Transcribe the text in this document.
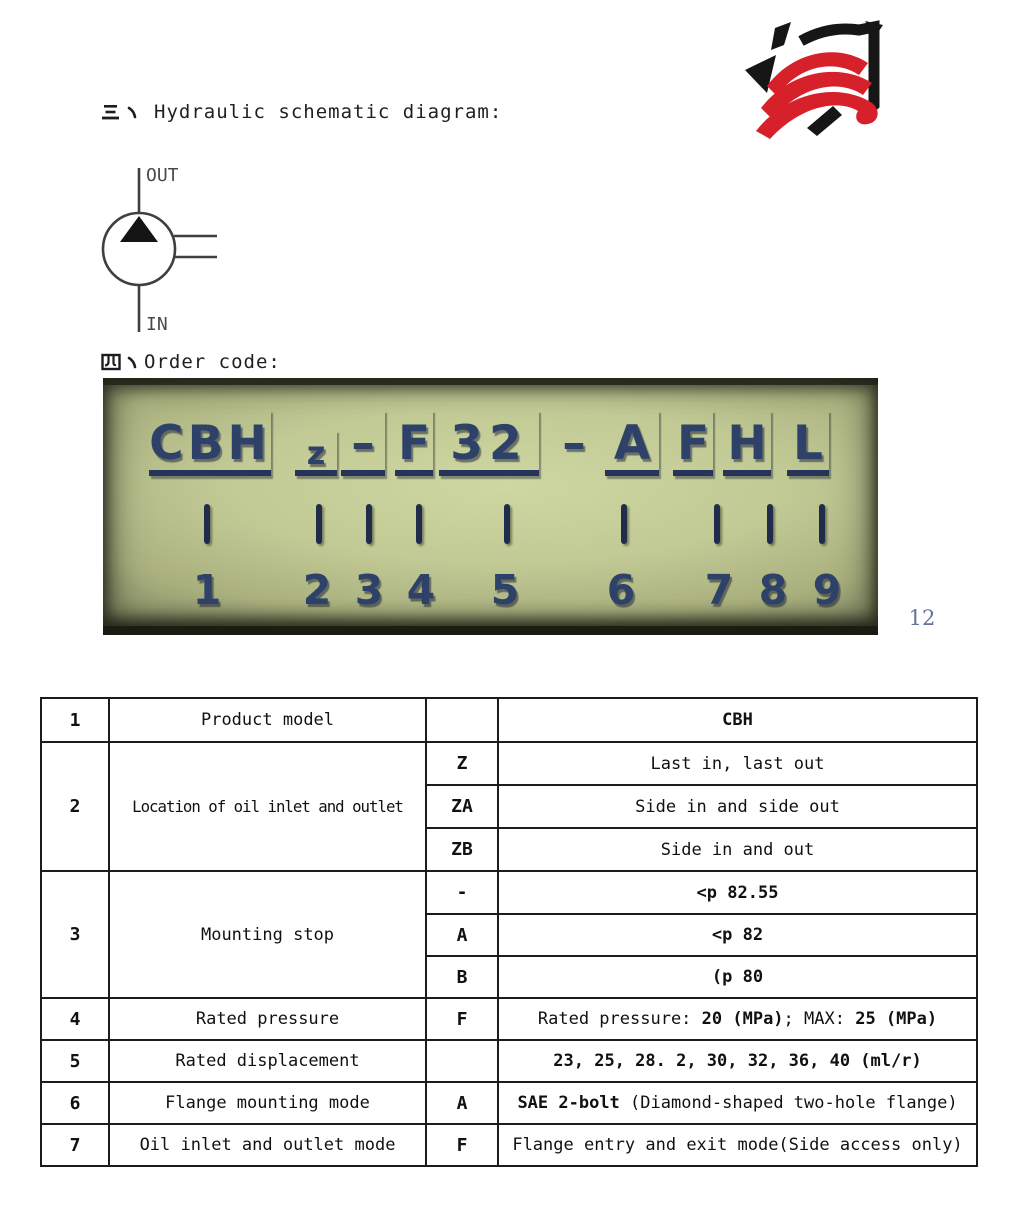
Hydraulic schematic diagram:
OUT
IN
Order code:
CBH	z – F 32 – A F H L
1 2 3 4 5 6 7 8 9
12
1	Product model		CBH
2	Location of oil inlet and outlet	Z	Last in, last out
		ZA	Side in and side out
		ZB	Side in and out
3	Mounting stop	-	<p 82.55
		A	<p 82
		B	(p 80
4	Rated pressure	F	Rated pressure: 20 (MPa); MAX: 25 (MPa)
5	Rated displacement		23, 25, 28. 2, 30, 32, 36, 40 (ml/r)
6	Flange mounting mode	A	SAE 2-bolt (Diamond-shaped two-hole flange)
7	Oil inlet and outlet mode	F	Flange entry and exit mode(Side access only)
